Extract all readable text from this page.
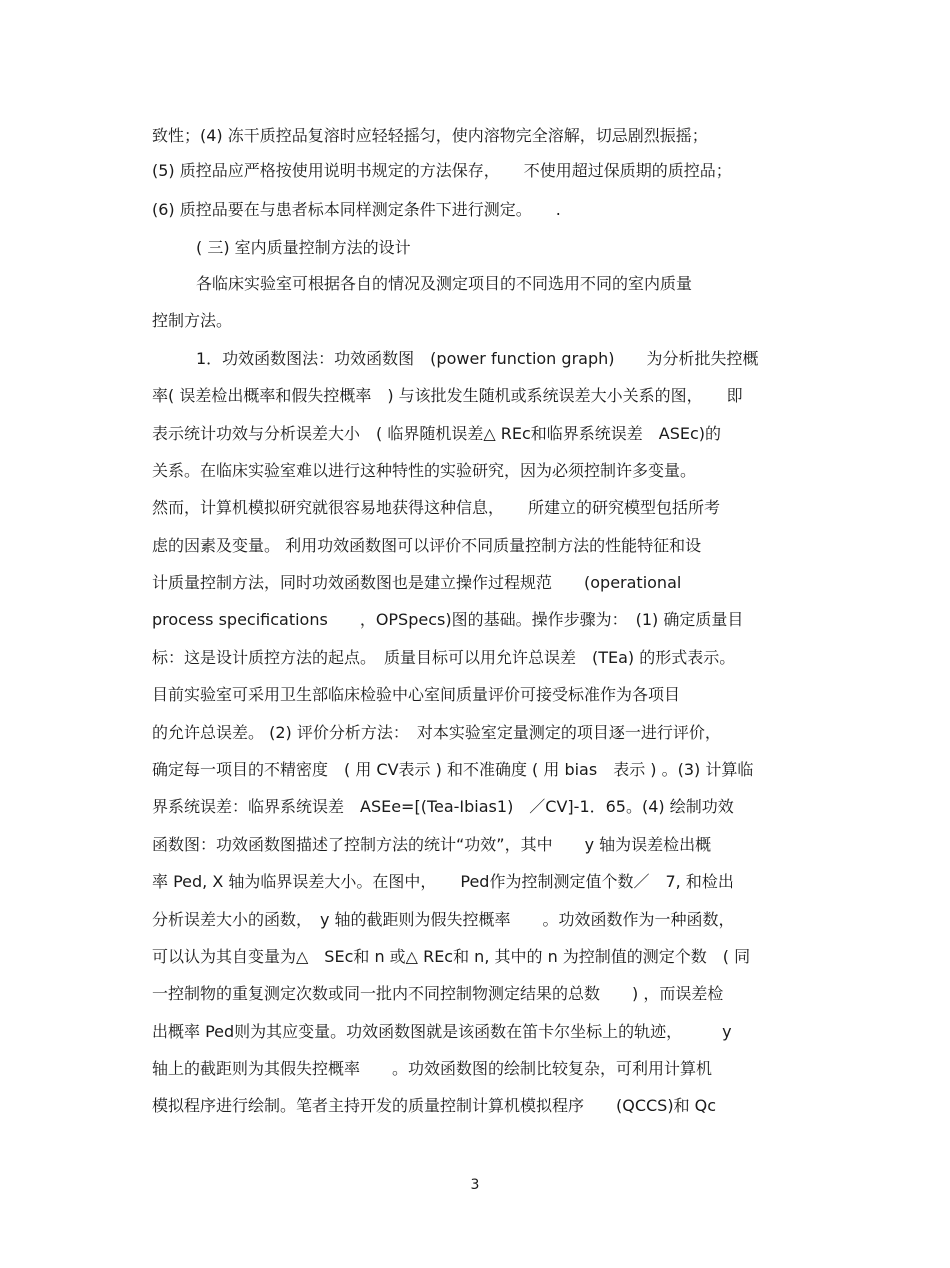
致性；(4) 冻干质控品复溶时应轻轻摇匀，使内溶物完全溶解，切忌剧烈振摇；
(5) 质控品应严格按使用说明书规定的方法保存，　　不使用超过保质期的质控品；
(6) 质控品要在与患者标本同样测定条件下进行测定。　　.
( 三) 室内质量控制方法的设计
各临床实验室可根据各自的情况及测定项目的不同选用不同的室内质量
控制方法。
1．功效函数图法：功效函数图　(power function graph)　　为分析批失控概
率( 误差检出概率和假失控概率　) 与该批发生随机或系统误差大小关系的图，　　即
表示统计功效与分析误差大小　( 临界随机误差△ REc和临界系统误差　ASEc)的
关系。在临床实验室难以进行这种特性的实验研究，因为必须控制许多变量。
然而，计算机模拟研究就很容易地获得这种信息，　　所建立的研究模型包括所考
虑的因素及变量。 利用功效函数图可以评价不同质量控制方法的性能特征和设
计质量控制方法，同时功效函数图也是建立操作过程规范　　(operational
process specifications　　，OPSpecs)图的基础。操作步骤为：　(1) 确定质量目
标：这是设计质控方法的起点。　质量目标可以用允许总误差　(TEa) 的形式表示。
目前实验室可采用卫生部临床检验中心室间质量评价可接受标准作为各项目
的允许总误差。 (2) 评价分析方法：　对本实验室定量测定的项目逐一进行评价，
确定每一项目的不精密度　( 用 CV表示 ) 和不准确度 ( 用 bias　表示 ) 。(3) 计算临
界系统误差：临界系统误差　ASEe=[(Tea-Ibias1)　／CV]-1．65。(4) 绘制功效
函数图：功效函数图描述了控制方法的统计“功效”，其中　　y 轴为误差检出概
率 Ped, X 轴为临界误差大小。在图中，　　Ped作为控制测定值个数／　7, 和检出
分析误差大小的函数，　y 轴的截距则为假失控概率　　。功效函数作为一种函数，
可以认为其自变量为△　SEc和 n 或△ REc和 n, 其中的 n 为控制值的测定个数　( 同
一控制物的重复测定次数或同一批内不同控制物测定结果的总数　　) ，而误差检
出概率 Ped则为其应变量。功效函数图就是该函数在笛卡尔坐标上的轨迹，　　　y
轴上的截距则为其假失控概率　　。功效函数图的绘制比较复杂，可利用计算机
模拟程序进行绘制。笔者主持开发的质量控制计算机模拟程序　　(QCCS)和 Qc
3
